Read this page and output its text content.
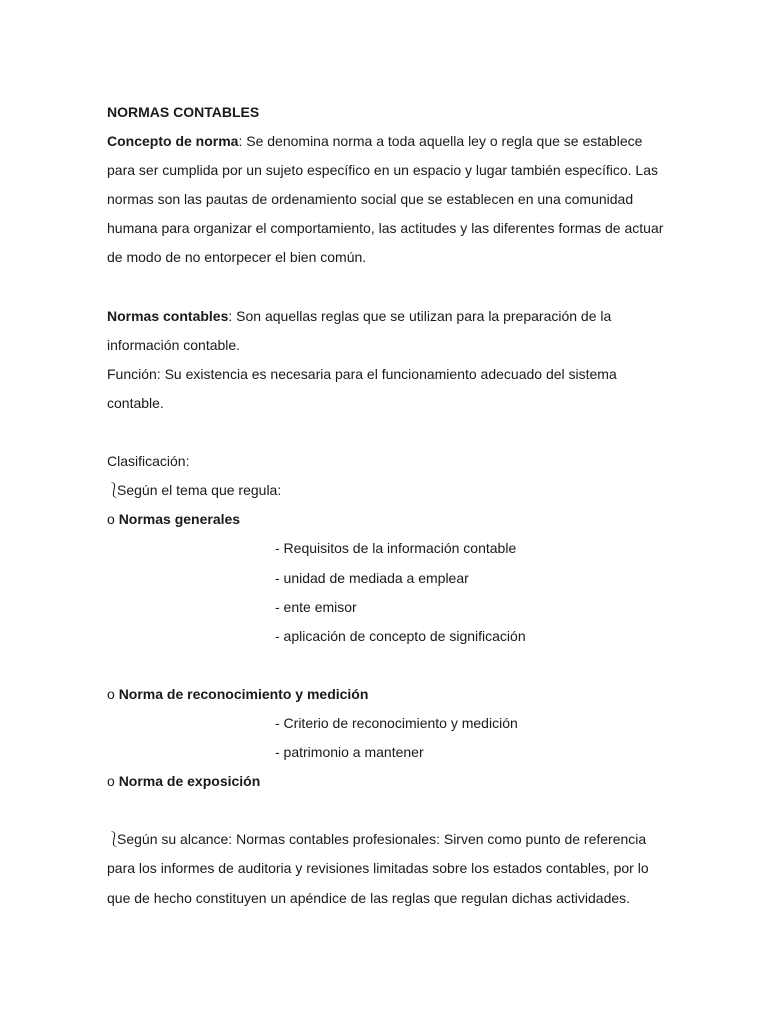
NORMAS CONTABLES
Concepto de norma: Se denomina norma a toda aquella ley o regla que se establece
para ser cumplida por un sujeto específico en un espacio y lugar también específico. Las
normas son las pautas de ordenamiento social que se establecen en una comunidad
humana para organizar el comportamiento, las actitudes y las diferentes formas de actuar
de modo de no entorpecer el bien común.
Normas contables: Son aquellas reglas que se utilizan para la preparación de la
información contable.
Función: Su existencia es necesaria para el funcionamiento adecuado del sistema
contable.
Clasificación:
⎱Según el tema que regula:
o Normas generales
- Requisitos de la información contable
- unidad de mediada a emplear
- ente emisor
- aplicación de concepto de significación
o Norma de reconocimiento y medición
- Criterio de reconocimiento y medición
- patrimonio a mantener
o Norma de exposición
⎱Según su alcance: Normas contables profesionales: Sirven como punto de referencia
para los informes de auditoria y revisiones limitadas sobre los estados contables, por lo
que de hecho constituyen un apéndice de las reglas que regulan dichas actividades.
